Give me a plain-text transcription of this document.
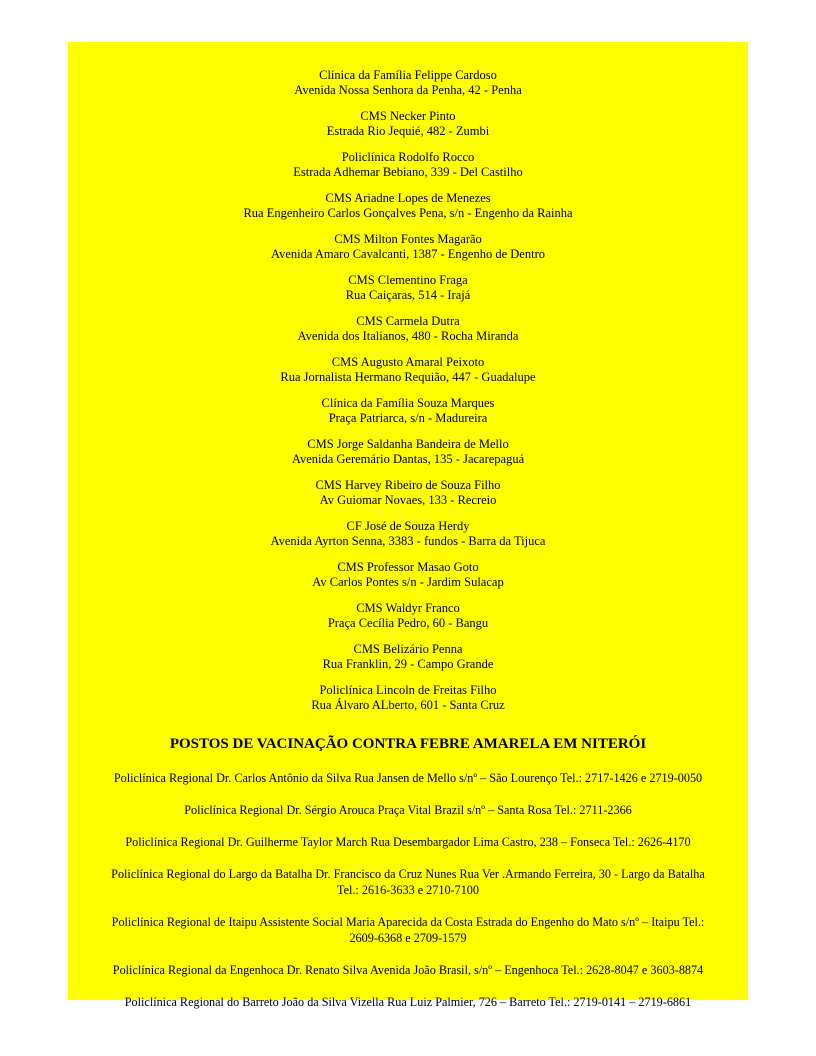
Clínica da Família Felippe Cardoso
Avenida Nossa Senhora da Penha, 42 - Penha
CMS Necker Pinto
Estrada Rio Jequié, 482 - Zumbi
Policlínica Rodolfo Rocco
Estrada Adhemar Bebiano, 339 - Del Castilho
CMS Ariadne Lopes de Menezes
Rua Engenheiro Carlos Gonçalves Pena, s/n - Engenho da Rainha
CMS Milton Fontes Magarão
Avenida Amaro Cavalcanti, 1387 - Engenho de Dentro
CMS Clementino Fraga
Rua Caiçaras, 514 - Irajá
CMS Carmela Dutra
Avenida dos Italianos, 480 - Rocha Miranda
CMS Augusto Amaral Peixoto
Rua Jornalista Hermano Requião, 447 - Guadalupe
Clínica da Família Souza Marques
Praça Patriarca, s/n - Madureira
CMS Jorge Saldanha Bandeira de Mello
Avenida Geremário Dantas, 135 - Jacarepaguá
CMS Harvey Ribeiro de Souza Filho
Av Guiomar Novaes, 133 - Recreio
CF José de Souza Herdy
Avenida Ayrton Senna, 3383 - fundos - Barra da Tijuca
CMS Professor Masao Goto
Av Carlos Pontes s/n - Jardim Sulacap
CMS Waldyr Franco
Praça Cecília Pedro, 60 - Bangu
CMS Belizário Penna
Rua Franklin, 29 - Campo Grande
Policlínica Lincoln de Freitas Filho
Rua Álvaro ALberto, 601 - Santa Cruz
POSTOS DE VACINAÇÃO CONTRA FEBRE AMARELA EM NITERÓI
Policlínica Regional Dr. Carlos Antônio da Silva Rua Jansen de Mello s/nº – São Lourenço Tel.: 2717-1426 e 2719-0050
Policlínica Regional Dr. Sérgio Arouca Praça Vital Brazil s/nº – Santa Rosa Tel.: 2711-2366
Policlínica Regional Dr. Guilherme Taylor March Rua Desembargador Lima Castro, 238 – Fonseca Tel.: 2626-4170
Policlínica Regional do Largo da Batalha Dr. Francisco da Cruz Nunes Rua Ver .Armando Ferreira, 30 - Largo da Batalha Tel.: 2616-3633 e 2710-7100
Policlínica Regional de Itaipu Assistente Social Maria Aparecida da Costa Estrada do Engenho do Mato s/nº – Itaipu Tel.: 2609-6368 e 2709-1579
Policlínica Regional da Engenhoca Dr. Renato Silva Avenida João Brasil, s/nº – Engenhoca Tel.: 2628-8047 e 3603-8874
Policlínica Regional do Barreto João da Silva Vizella Rua Luiz Palmier, 726 – Barreto Tel.: 2719-0141 – 2719-6861
